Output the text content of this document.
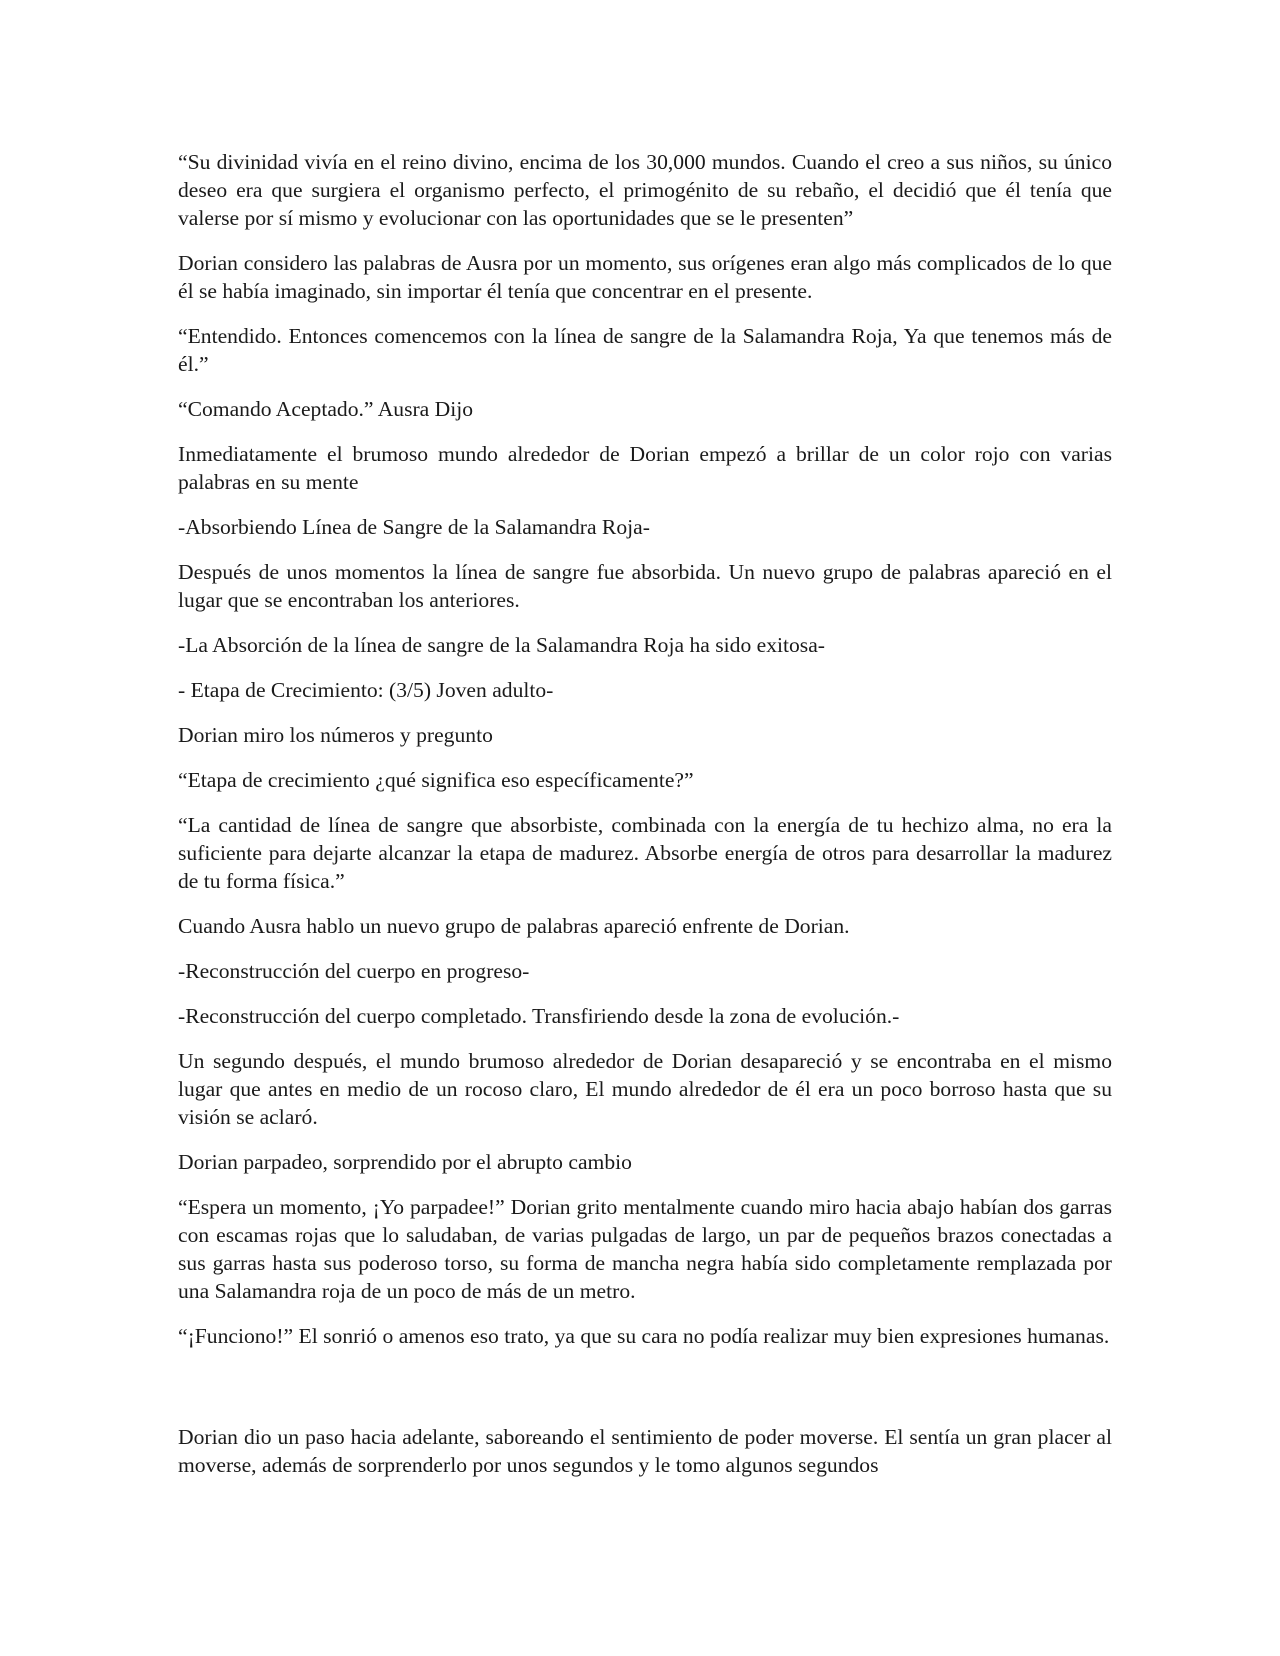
“Su divinidad vivía en el reino divino, encima de los 30,000 mundos. Cuando el creo a sus niños, su único deseo era que surgiera el organismo perfecto, el primogénito de su rebaño, el decidió que él tenía que valerse por sí mismo y evolucionar con las oportunidades que se le presenten”

Dorian considero las palabras de Ausra por un momento, sus orígenes eran algo más complicados de lo que él se había imaginado, sin importar él tenía que concentrar en el presente.

“Entendido. Entonces comencemos con la línea de sangre de la Salamandra Roja, Ya que tenemos más de él.”

“Comando Aceptado.” Ausra Dijo

Inmediatamente el brumoso mundo alrededor de Dorian empezó a brillar de un color rojo con varias palabras en su mente

-Absorbiendo Línea de Sangre de la Salamandra Roja-

Después de unos momentos la línea de sangre fue absorbida. Un nuevo grupo de palabras apareció en el lugar que se encontraban los anteriores.

-La Absorción de la línea de sangre de la Salamandra Roja ha sido exitosa-

- Etapa de Crecimiento: (3/5) Joven adulto-

Dorian miro los números y pregunto

“Etapa de crecimiento ¿qué significa eso específicamente?”

“La cantidad de línea de sangre que absorbiste, combinada con la energía de tu hechizo alma, no era la suficiente para dejarte alcanzar la etapa de madurez. Absorbe energía de otros para desarrollar la madurez de tu forma física.”

Cuando Ausra hablo un nuevo grupo de palabras apareció enfrente de Dorian.

-Reconstrucción del cuerpo en progreso-

-Reconstrucción del cuerpo completado. Transfiriendo desde la zona de evolución.-

Un segundo después, el mundo brumoso alrededor de Dorian desapareció y se encontraba en el mismo lugar que antes en medio de un rocoso claro, El mundo alrededor de él era un poco borroso hasta que su visión se aclaró.

Dorian parpadeo, sorprendido por el abrupto cambio

“Espera un momento, ¡Yo parpadee!” Dorian grito mentalmente cuando miro hacia abajo habían dos garras con escamas rojas que lo saludaban, de varias pulgadas de largo, un par de pequeños brazos conectadas a sus garras hasta sus poderoso torso, su forma de mancha negra había sido completamente remplazada por una Salamandra roja de un poco de más de un metro.

“¡Funciono!” El sonrió o amenos eso trato, ya que su cara no podía realizar muy bien expresiones humanas.

Dorian dio un paso hacia adelante, saboreando el sentimiento de poder moverse. El sentía un gran placer al moverse, además de sorprenderlo por unos segundos y le tomo algunos segundos
